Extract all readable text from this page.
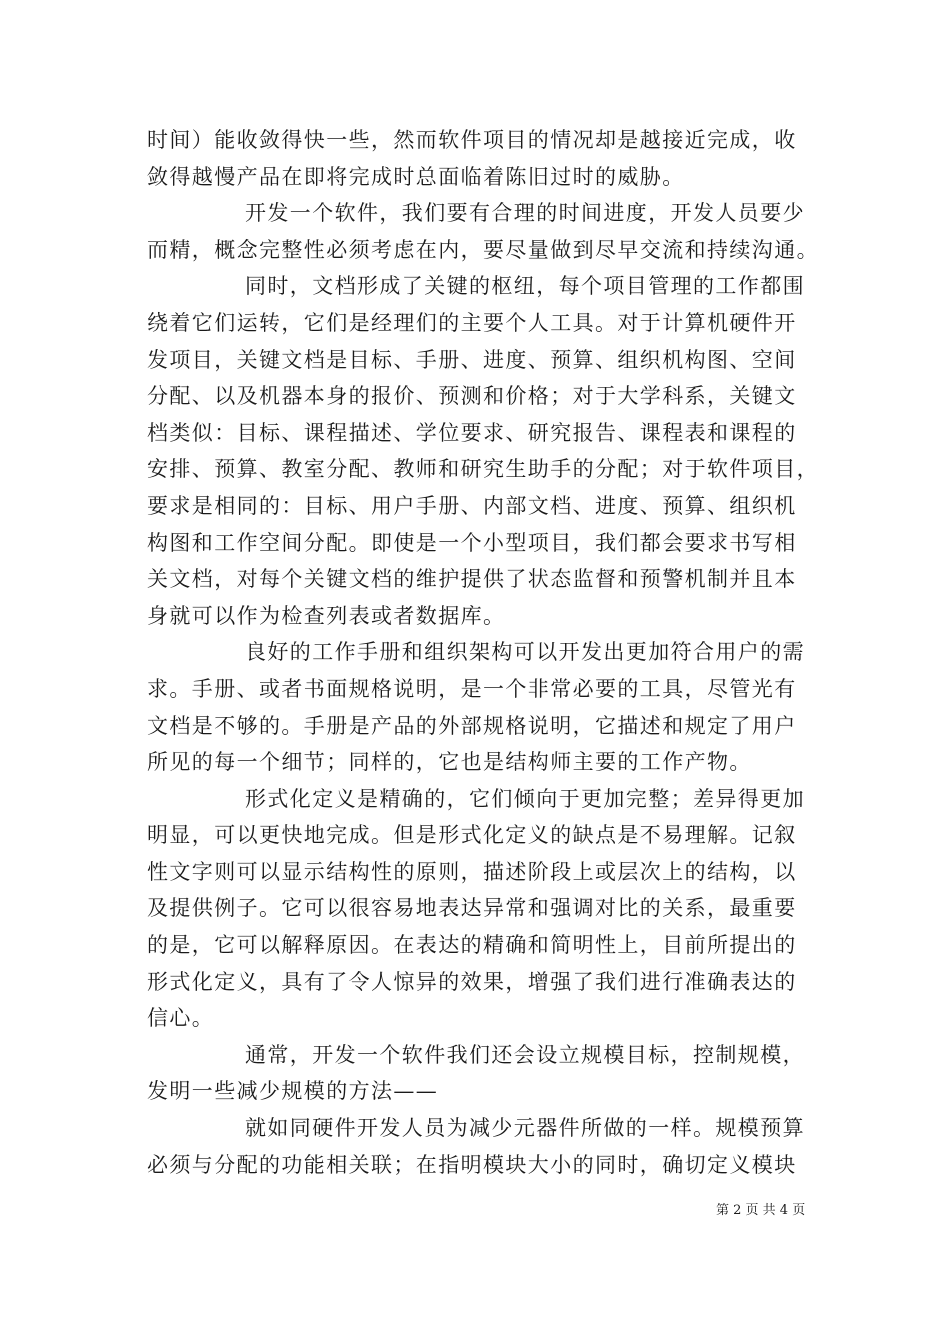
时间）能收敛得快一些，然而软件项目的情况却是越接近完成，收
敛得越慢产品在即将完成时总面临着陈旧过时的威胁。
开发一个软件，我们要有合理的时间进度，开发人员要少
而精，概念完整性必须考虑在内，要尽量做到尽早交流和持续沟通。
同时，文档形成了关键的枢纽，每个项目管理的工作都围
绕着它们运转，它们是经理们的主要个人工具。对于计算机硬件开
发项目，关键文档是目标、手册、进度、预算、组织机构图、空间
分配、以及机器本身的报价、预测和价格；对于大学科系，关键文
档类似：目标、课程描述、学位要求、研究报告、课程表和课程的
安排、预算、教室分配、教师和研究生助手的分配；对于软件项目，
要求是相同的：目标、用户手册、内部文档、进度、预算、组织机
构图和工作空间分配。即使是一个小型项目，我们都会要求书写相
关文档，对每个关键文档的维护提供了状态监督和预警机制并且本
身就可以作为检查列表或者数据库。
良好的工作手册和组织架构可以开发出更加符合用户的需
求。手册、或者书面规格说明，是一个非常必要的工具，尽管光有
文档是不够的。手册是产品的外部规格说明，它描述和规定了用户
所见的每一个细节；同样的，它也是结构师主要的工作产物。
形式化定义是精确的，它们倾向于更加完整；差异得更加
明显，可以更快地完成。但是形式化定义的缺点是不易理解。记叙
性文字则可以显示结构性的原则，描述阶段上或层次上的结构，以
及提供例子。它可以很容易地表达异常和强调对比的关系，最重要
的是，它可以解释原因。在表达的精确和简明性上，目前所提出的
形式化定义，具有了令人惊异的效果，增强了我们进行准确表达的
信心。
通常，开发一个软件我们还会设立规模目标，控制规模，
发明一些减少规模的方法——
就如同硬件开发人员为减少元器件所做的一样。规模预算
必须与分配的功能相关联；在指明模块大小的同时，确切定义模块
第 2 页 共 4 页
